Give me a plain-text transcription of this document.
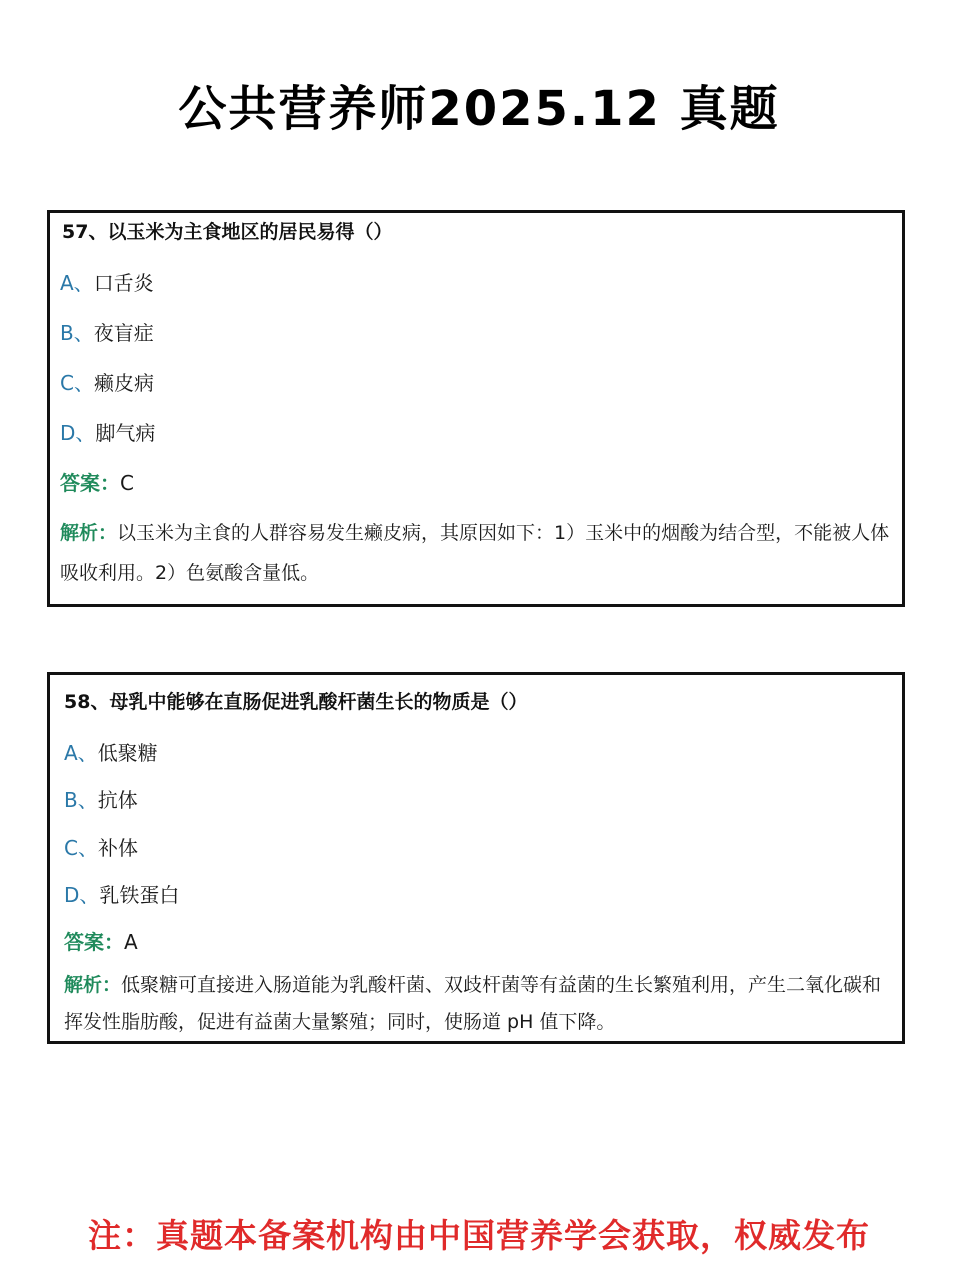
公共营养师2025.12 真题
57、以玉米为主食地区的居民易得（）
A、口舌炎
B、夜盲症
C、癞皮病
D、脚气病
答案：C
解析：以玉米为主食的人群容易发生癞皮病，其原因如下：1）玉米中的烟酸为结合型，不能被人体吸收利用。2）色氨酸含量低。
58、母乳中能够在直肠促进乳酸杆菌生长的物质是（）
A、低聚糖
B、抗体
C、补体
D、乳铁蛋白
答案：A
解析：低聚糖可直接进入肠道能为乳酸杆菌、双歧杆菌等有益菌的生长繁殖利用，产生二氧化碳和挥发性脂肪酸，促进有益菌大量繁殖；同时，使肠道 pH 值下降。
注：真题本备案机构由中国营养学会获取，权威发布
